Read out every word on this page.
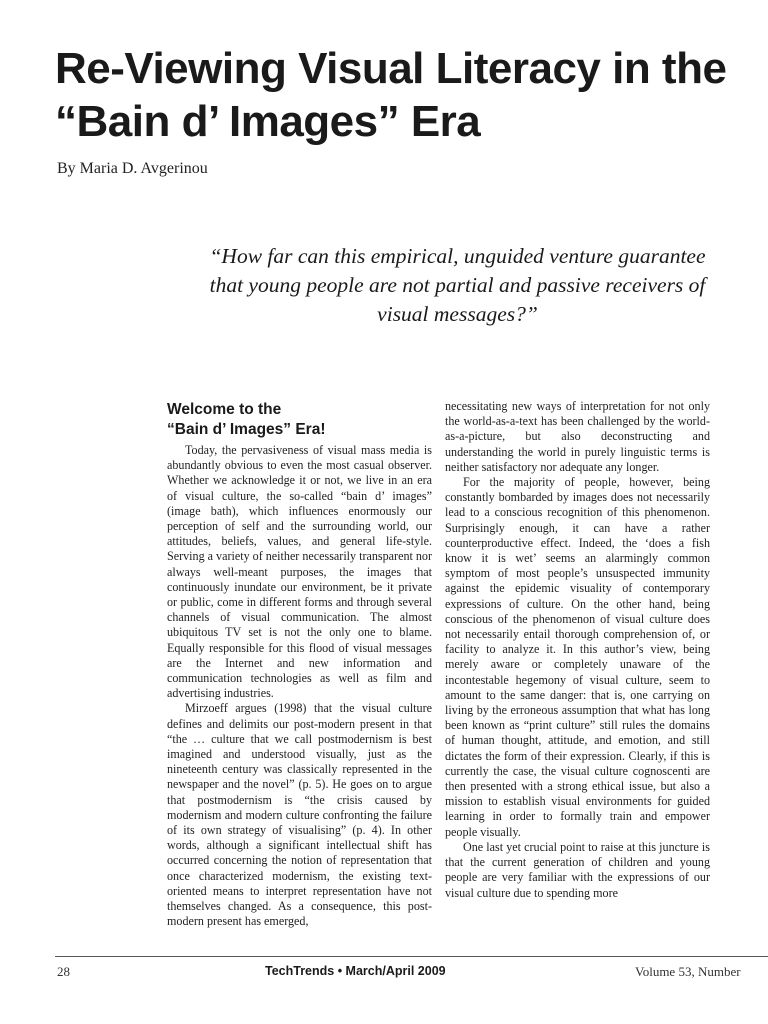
Re-Viewing Visual Literacy in the “Bain d’ Images” Era
By Maria D. Avgerinou
“How far can this empirical, unguided venture guarantee that young people are not partial and passive receivers of visual messages?”
Welcome to the
“Bain d’ Images” Era!

Today, the pervasiveness of visual mass media is abundantly obvious to even the most casual observer. Whether we acknowledge it or not, we live in an era of visual culture, the so-called “bain d’ images” (image bath), which influences enormously our perception of self and the surrounding world, our attitudes, beliefs, values, and general life-style. Serving a variety of neither necessarily transparent nor always well-meant purposes, the images that continuously inundate our environment, be it private or public, come in different forms and through several channels of visual communication. The almost ubiquitous TV set is not the only one to blame. Equally responsible for this flood of visual messages are the Internet and new information and communication technologies as well as film and advertising industries.

Mirzoeff argues (1998) that the visual culture defines and delimits our post-modern present in that “the … culture that we call postmodernism is best imagined and understood visually, just as the nineteenth century was classically represented in the newspaper and the novel” (p. 5). He goes on to argue that postmodernism is “the crisis caused by modernism and modern culture confronting the failure of its own strategy of visualising” (p. 4). In other words, although a significant intellectual shift has occurred concerning the notion of representation that once characterized modernism, the existing text-oriented means to interpret representation have not themselves changed. As a consequence, this post-modern present has emerged,

necessitating new ways of interpretation for not only the world-as-a-text has been challenged by the world-as-a-picture, but also deconstructing and understanding the world in purely linguistic terms is neither satisfactory nor adequate any longer.

For the majority of people, however, being constantly bombarded by images does not necessarily lead to a conscious recognition of this phenomenon. Surprisingly enough, it can have a rather counterproductive effect. Indeed, the ‘does a fish know it is wet’ seems an alarmingly common symptom of most people’s unsuspected immunity against the epidemic visuality of contemporary expressions of culture. On the other hand, being conscious of the phenomenon of visual culture does not necessarily entail thorough comprehension of, or facility to analyze it. In this author’s view, being merely aware or completely unaware of the incontestable hegemony of visual culture, seem to amount to the same danger: that is, one carrying on living by the erroneous assumption that what has long been known as “print culture” still rules the domains of human thought, attitude, and emotion, and still dictates the form of their expression. Clearly, if this is currently the case, the visual culture cognoscenti are then presented with a strong ethical issue, but also a mission to establish visual environments for guided learning in order to formally train and empower people visually.

One last yet crucial point to raise at this juncture is that the current generation of children and young people are very familiar with the expressions of our visual culture due to spending more

28	TechTrends • March/April 2009	Volume 53, Number
